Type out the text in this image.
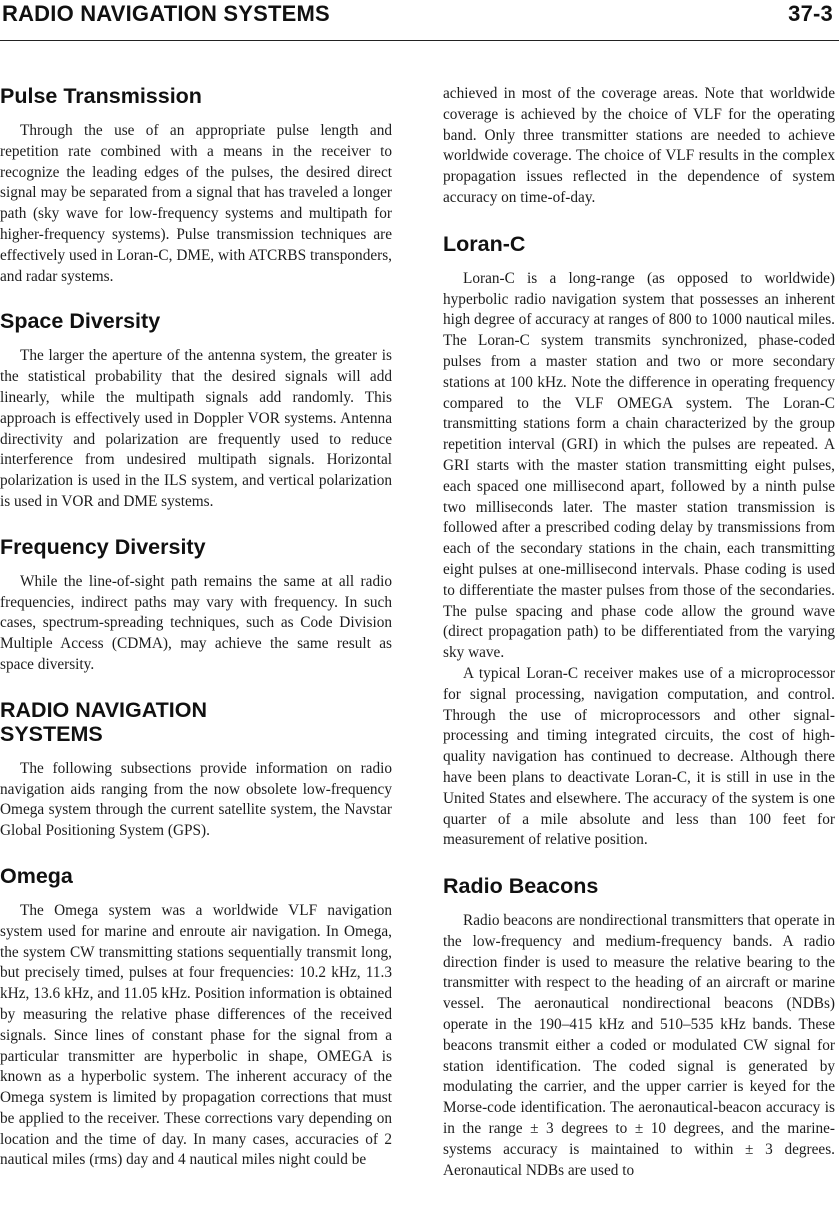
RADIO NAVIGATION SYSTEMS	37-3
Pulse Transmission

Through the use of an appropriate pulse length and repetition rate combined with a means in the receiver to recognize the leading edges of the pulses, the desired direct signal may be separated from a signal that has traveled a longer path (sky wave for low-frequency systems and multipath for higher-frequency systems). Pulse transmission techniques are effectively used in Loran-C, DME, with ATCRBS transponders, and radar systems.

Space Diversity

The larger the aperture of the antenna system, the greater is the statistical probability that the desired signals will add linearly, while the multipath signals add randomly. This approach is effectively used in Doppler VOR systems. Antenna directivity and polarization are frequently used to reduce interference from undesired multipath signals. Horizontal polarization is used in the ILS system, and vertical polarization is used in VOR and DME systems.

Frequency Diversity

While the line-of-sight path remains the same at all radio frequencies, indirect paths may vary with frequency. In such cases, spectrum-spreading techniques, such as Code Division Multiple Access (CDMA), may achieve the same result as space diversity.

RADIO NAVIGATION
SYSTEMS

The following subsections provide information on radio navigation aids ranging from the now obsolete low-frequency Omega system through the current satellite system, the Navstar Global Positioning System (GPS).

Omega

The Omega system was a worldwide VLF navigation system used for marine and enroute air navigation. In Omega, the system CW transmitting stations sequentially transmit long, but precisely timed, pulses at four frequencies: 10.2 kHz, 11.3 kHz, 13.6 kHz, and 11.05 kHz. Position information is obtained by measuring the relative phase differences of the received signals. Since lines of constant phase for the signal from a particular transmitter are hyperbolic in shape, OMEGA is known as a hyperbolic system. The inherent accuracy of the Omega system is limited by propagation corrections that must be applied to the receiver. These corrections vary depending on location and the time of day. In many cases, accuracies of 2 nautical miles (rms) day and 4 nautical miles night could be

achieved in most of the coverage areas. Note that worldwide coverage is achieved by the choice of VLF for the operating band. Only three transmitter stations are needed to achieve worldwide coverage. The choice of VLF results in the complex propagation issues reflected in the dependence of system accuracy on time-of-day.

Loran-C

Loran-C is a long-range (as opposed to worldwide) hyperbolic radio navigation system that possesses an inherent high degree of accuracy at ranges of 800 to 1000 nautical miles. The Loran-C system transmits synchronized, phase-coded pulses from a master station and two or more secondary stations at 100 kHz. Note the difference in operating frequency compared to the VLF OMEGA system. The Loran-C transmitting stations form a chain characterized by the group repetition interval (GRI) in which the pulses are repeated. A GRI starts with the master station transmitting eight pulses, each spaced one millisecond apart, followed by a ninth pulse two milliseconds later. The master station transmission is followed after a prescribed coding delay by transmissions from each of the secondary stations in the chain, each transmitting eight pulses at one-millisecond intervals. Phase coding is used to differentiate the master pulses from those of the secondaries. The pulse spacing and phase code allow the ground wave (direct propagation path) to be differentiated from the varying sky wave.

A typical Loran-C receiver makes use of a microprocessor for signal processing, navigation computation, and control. Through the use of microprocessors and other signal-processing and timing integrated circuits, the cost of high-quality navigation has continued to decrease. Although there have been plans to deactivate Loran-C, it is still in use in the United States and elsewhere. The accuracy of the system is one quarter of a mile absolute and less than 100 feet for measurement of relative position.

Radio Beacons

Radio beacons are nondirectional transmitters that operate in the low-frequency and medium-frequency bands. A radio direction finder is used to measure the relative bearing to the transmitter with respect to the heading of an aircraft or marine vessel. The aeronautical nondirectional beacons (NDBs) operate in the 190–415 kHz and 510–535 kHz bands. These beacons transmit either a coded or modulated CW signal for station identification. The coded signal is generated by modulating the carrier, and the upper carrier is keyed for the Morse-code identification. The aeronautical-beacon accuracy is in the range ± 3 degrees to ± 10 degrees, and the marine-systems accuracy is maintained to within ± 3 degrees. Aeronautical NDBs are used to
